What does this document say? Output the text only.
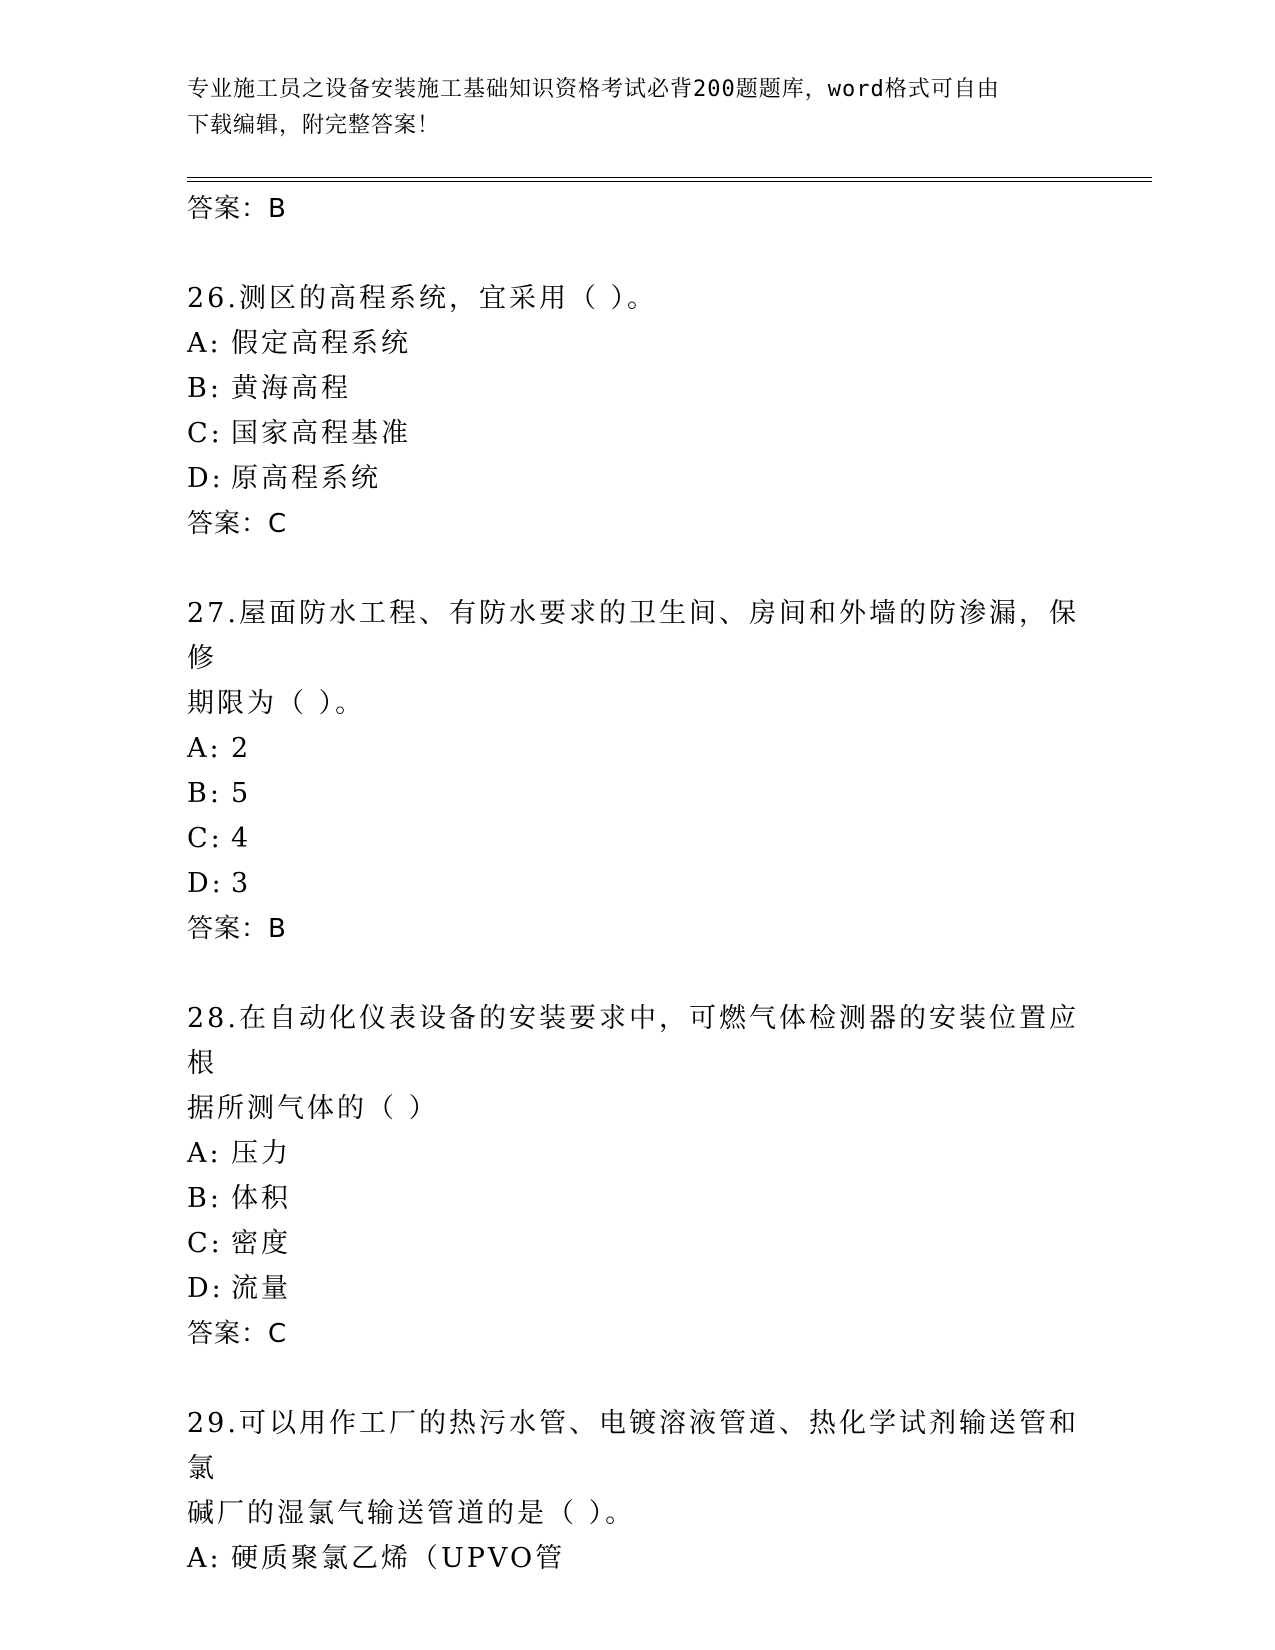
专业施工员之设备安装施工基础知识资格考试必背200题题库，word格式可自由
下载编辑，附完整答案！
答案：B
26.测区的高程系统，宜采用（ ）。
A: 假定高程系统
B: 黄海高程
C: 国家高程基准
D: 原高程系统
答案：C
27.屋面防水工程、有防水要求的卫生间、房间和外墙的防渗漏，保修
期限为（ ）。
A: 2
B: 5
C: 4
D: 3
答案：B
28.在自动化仪表设备的安装要求中，可燃气体检测器的安装位置应根
据所测气体的（ ）
A: 压力
B: 体积
C: 密度
D: 流量
答案：C
29.可以用作工厂的热污水管、电镀溶液管道、热化学试剂输送管和氯
碱厂的湿氯气输送管道的是（ ）。
A: 硬质聚氯乙烯（UPVO管
